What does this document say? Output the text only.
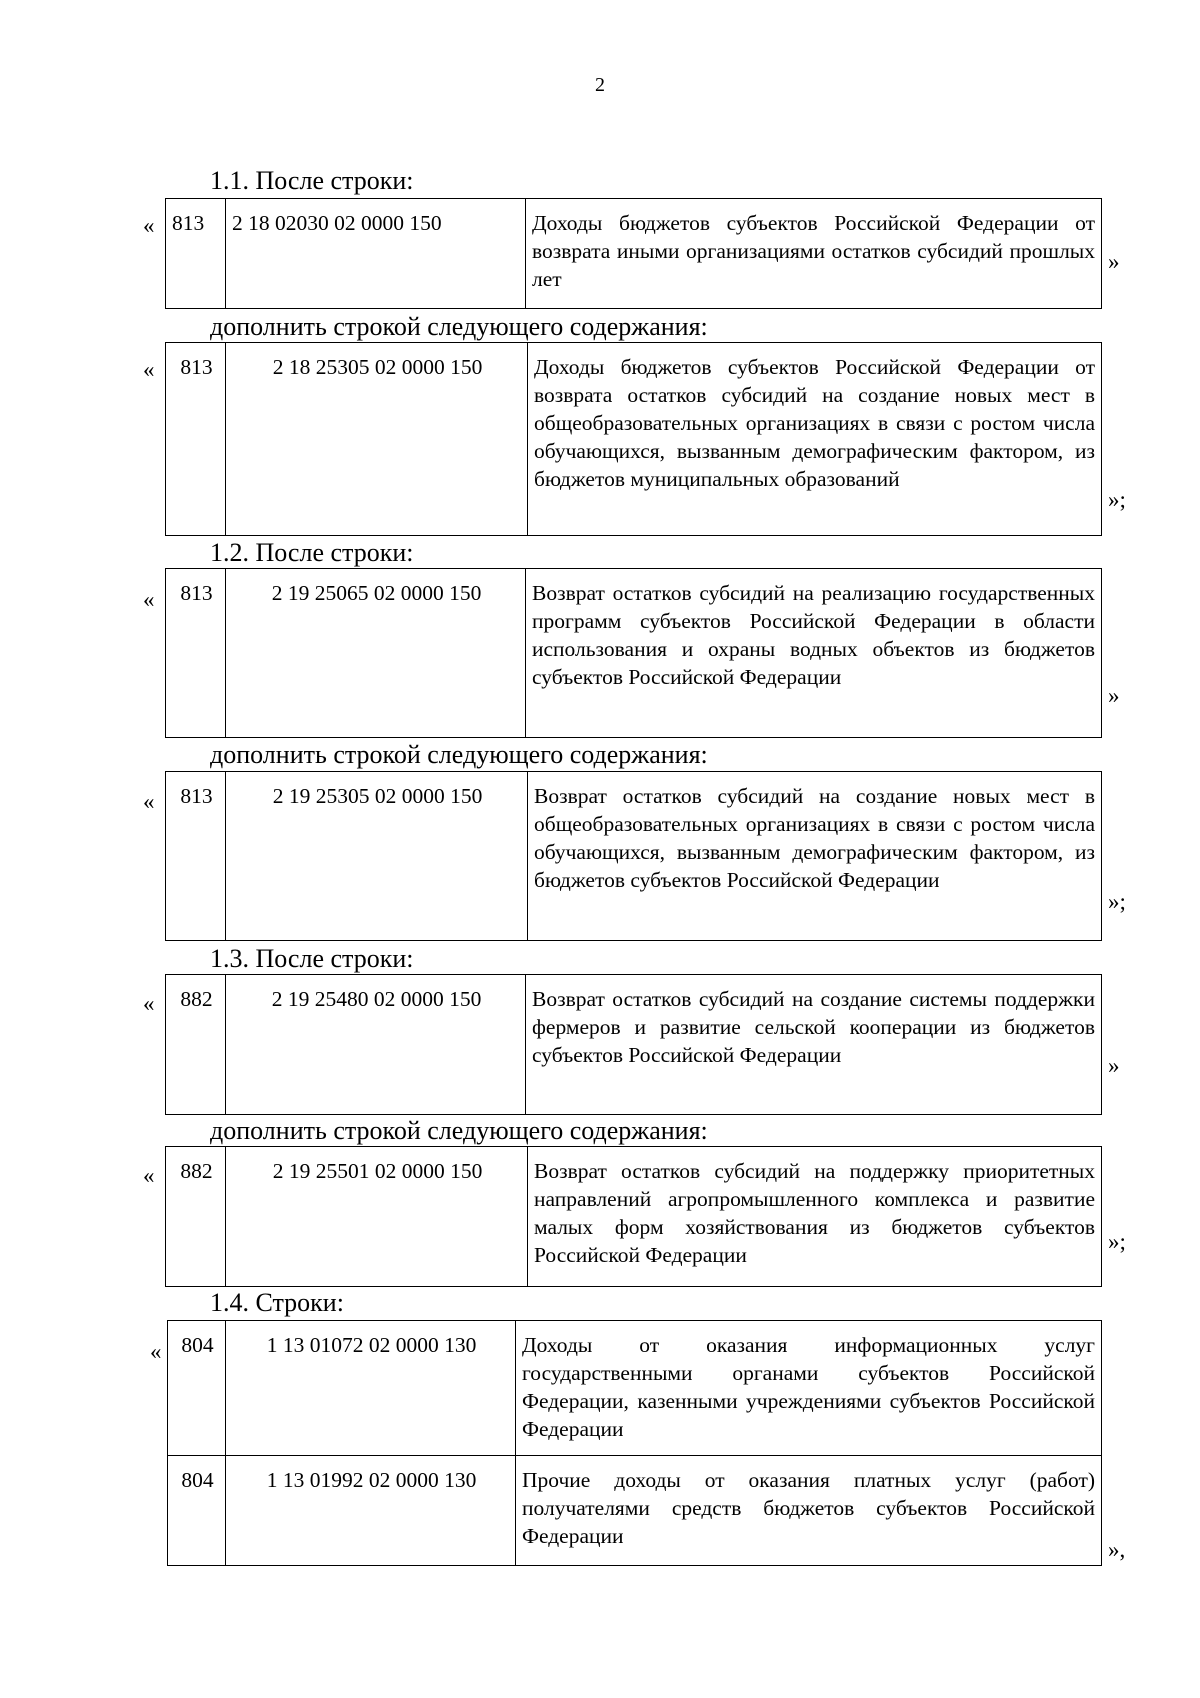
2
1.1. После строки:
« 813	2 18 02030 02 0000 150	Доходы бюджетов субъектов Российской Федерации от возврата иными организациями остатков субсидий прошлых лет
»
дополнить строкой следующего содержания:
« 813	2 18 25305 02 0000 150	Доходы бюджетов субъектов Российской Федерации от возврата остатков субсидий на создание новых мест в общеобразовательных организациях в связи с ростом числа обучающихся, вызванным демографическим фактором, из бюджетов муниципальных образований
»;
1.2. После строки:
« 813	2 19 25065 02 0000 150	Возврат остатков субсидий на реализацию государственных программ субъектов Российской Федерации в области использования и охраны водных объектов из бюджетов субъектов Российской Федерации
»
дополнить строкой следующего содержания:
« 813	2 19 25305 02 0000 150	Возврат остатков субсидий на создание новых мест в общеобразовательных организациях в связи с ростом числа обучающихся, вызванным демографическим фактором, из бюджетов субъектов Российской Федерации
»;
1.3. После строки:
« 882	2 19 25480 02 0000 150	Возврат остатков субсидий на создание системы поддержки фермеров и развитие сельской кооперации из бюджетов субъектов Российской Федерации	»
дополнить строкой следующего содержания:
« 882	2 19 25501 02 0000 150	Возврат остатков субсидий на поддержку приоритетных направлений агропромышленного комплекса и развитие малых форм хозяйствования из бюджетов субъектов Российской Федерации
»;
1.4. Строки:
« 804	1 13 01072 02 0000 130	Доходы от оказания информационных услуг государственными органами субъектов Российской Федерации, казенными учреждениями субъектов Российской Федерации
804	1 13 01992 02 0000 130	Прочие доходы от оказания платных услуг (работ) получателями средств бюджетов субъектов Российской Федерации
»,
